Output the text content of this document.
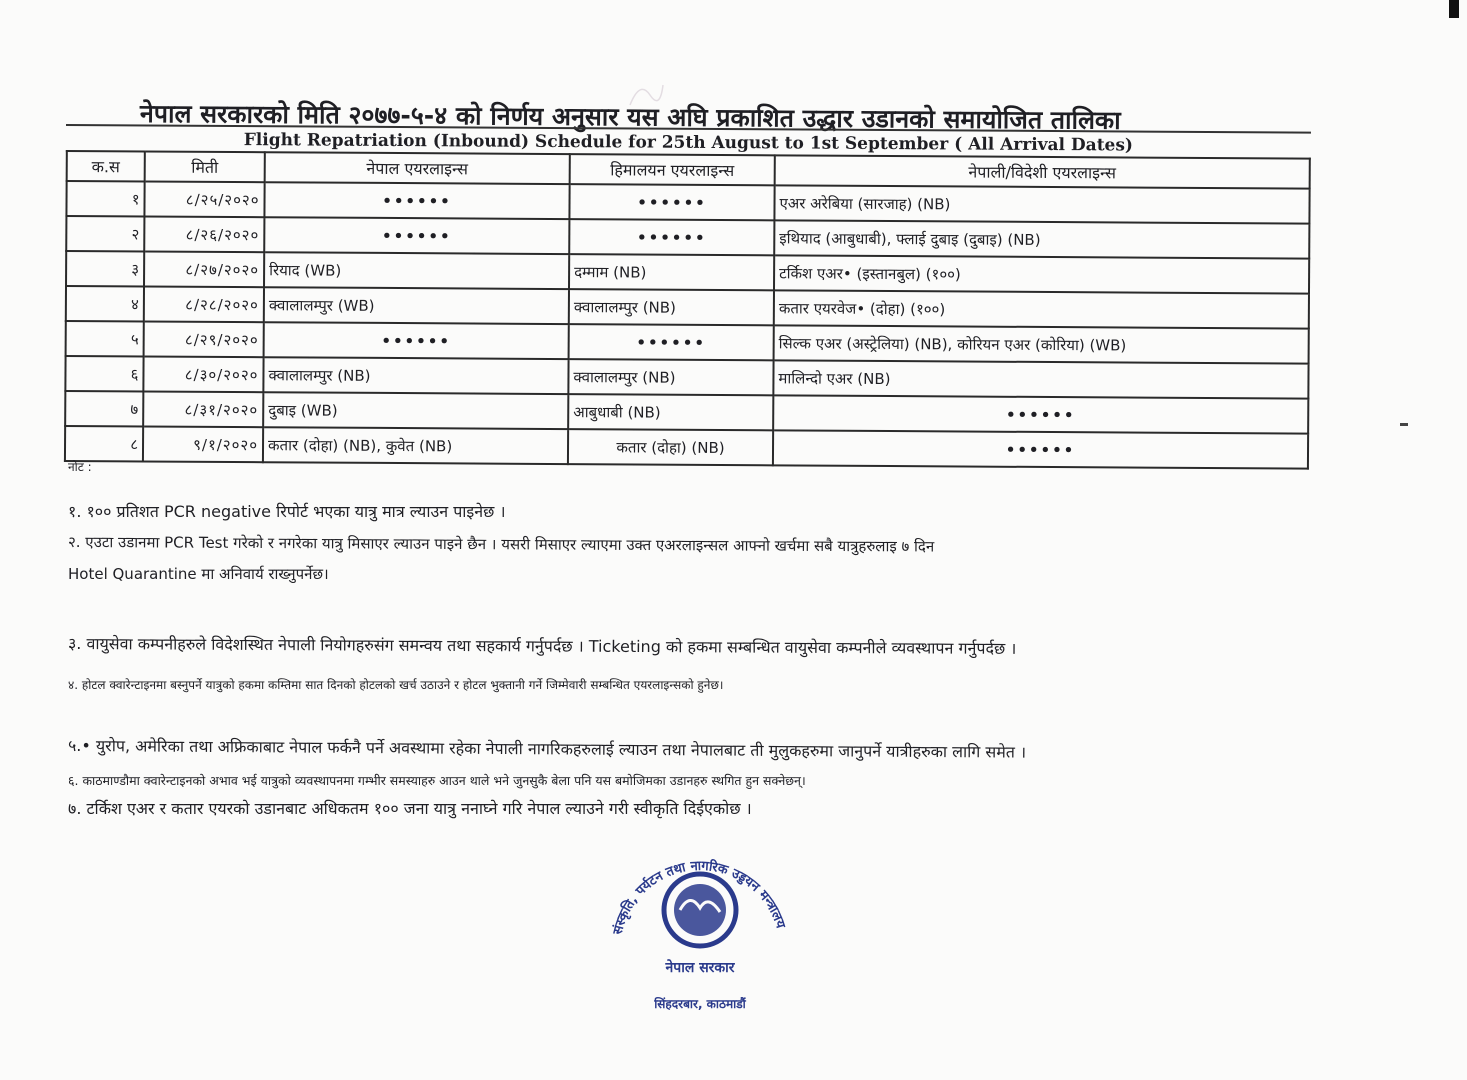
नेपाल सरकारको मिति २०७७-५-४ को निर्णय अनुसार यस अघि प्रकाशित उद्धार उडानको समायोजित तालिका
Flight Repatriation (Inbound) Schedule for 25th August to 1st September ( All Arrival Dates)
क.स	मिती	नेपाल एयरलाइन्स	हिमालयन एयरलाइन्स	नेपाली/विदेशी एयरलाइन्स
१	८/२५/२०२०	••••••	••••••	एअर अरेबिया (सारजाह) (NB)
२	८/२६/२०२०	••••••	••••••	इथियाद (आबुधाबी), फ्लाई दुबाइ (दुबाइ) (NB)
३	८/२७/२०२०	रियाद (WB)	दम्माम (NB)	टर्किश एअर• (इस्तानबुल) (१००)
४	८/२८/२०२०	क्वालालम्पुर (WB)	क्वालालम्पुर (NB)	कतार एयरवेज• (दोहा) (१००)
५	८/२९/२०२०	••••••	••••••	सिल्क एअर (अस्ट्रेलिया) (NB), कोरियन एअर (कोरिया) (WB)
६	८/३०/२०२०	क्वालालम्पुर (NB)	क्वालालम्पुर (NB)	मालिन्दो एअर (NB)
७	८/३१/२०२०	दुबाइ (WB)	आबुधाबी (NB)	••••••
८	९/१/२०२०	कतार (दोहा) (NB), कुवेत (NB)	कतार (दोहा) (NB)	••••••
नोट :
१. १०० प्रतिशत PCR negative रिपोर्ट भएका यात्रु मात्र ल्याउन पाइनेछ ।
२. एउटा उडानमा PCR Test गरेको र नगरेका यात्रु मिसाएर ल्याउन पाइने छैन । यसरी मिसाएर ल्याएमा उक्त एअरलाइन्सल आफ्नो खर्चमा सबै यात्रुहरुलाइ ७ दिन
Hotel Quarantine मा अनिवार्य राख्नुपर्नेछ।
३. वायुसेवा कम्पनीहरुले विदेशस्थित नेपाली नियोगहरुसंग समन्वय तथा सहकार्य गर्नुपर्दछ । Ticketing को हकमा सम्बन्धित वायुसेवा कम्पनीले व्यवस्थापन गर्नुपर्दछ ।
४. होटल क्वारेन्टाइनमा बस्नुपर्ने यात्रुको हकमा कम्तिमा सात दिनको होटलको खर्च उठाउने र होटल भुक्तानी गर्ने जिम्मेवारी सम्बन्धित एयरलाइन्सको हुनेछ।
५.• युरोप, अमेरिका तथा अफ्रिकाबाट नेपाल फर्कनै पर्ने अवस्थामा रहेका नेपाली नागरिकहरुलाई ल्याउन तथा नेपालबाट ती मुलुकहरुमा जानुपर्ने यात्रीहरुका लागि समेत ।
६. काठमाण्डौमा क्वारेन्टाइनको अभाव भई यात्रुको व्यवस्थापनमा गम्भीर समस्याहरु आउन थाले भने जुनसुकै बेला पनि यस बमोजिमका उडानहरु स्थगित हुन सक्नेछन्।
७. टर्किश एअर र कतार एयरको उडानबाट अधिकतम १०० जना यात्रु ननाघ्ने गरि नेपाल ल्याउने गरी स्वीकृति दिईएकोछ ।
संस्कृति, पर्यटन तथा नागरिक उड्डयन मन्त्रालय
नेपाल सरकार
सिंहदरबार, काठमाडौं
